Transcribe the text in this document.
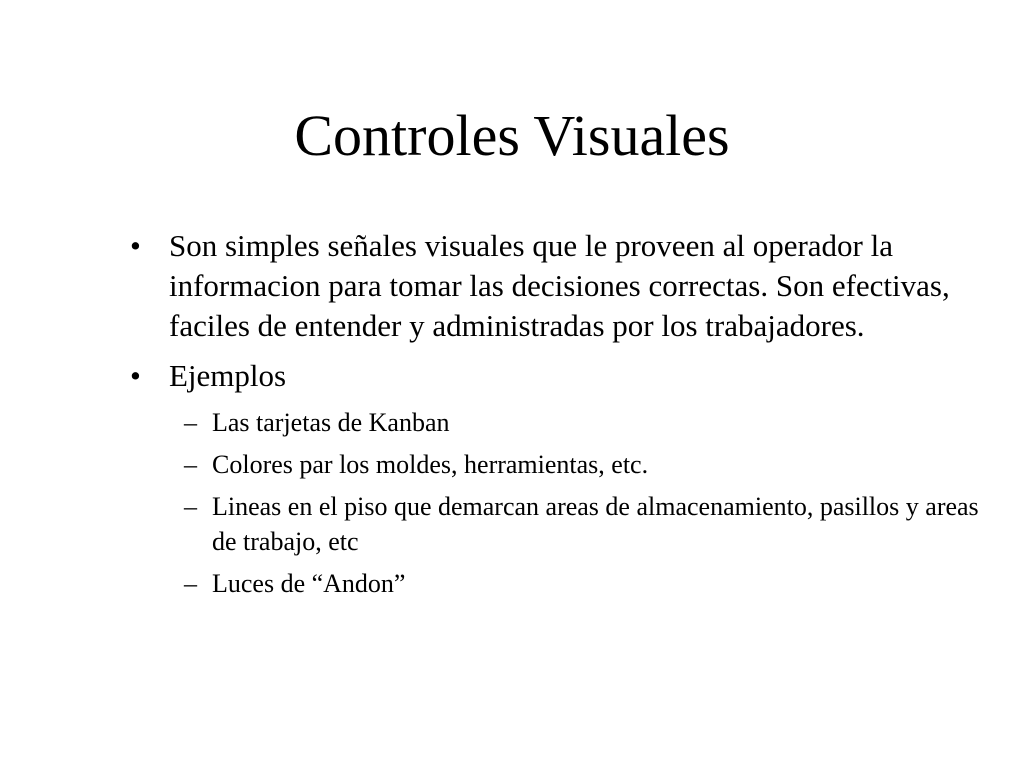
Controles Visuales
• Son simples señales visuales que le proveen al operador la informacion para tomar las decisiones correctas. Son efectivas, faciles de entender y administradas por los trabajadores.
• Ejemplos
– Las tarjetas de Kanban
– Colores par los moldes, herramientas, etc.
– Lineas en el piso que demarcan areas de almacenamiento, pasillos y areas de trabajo, etc
– Luces de “Andon”
